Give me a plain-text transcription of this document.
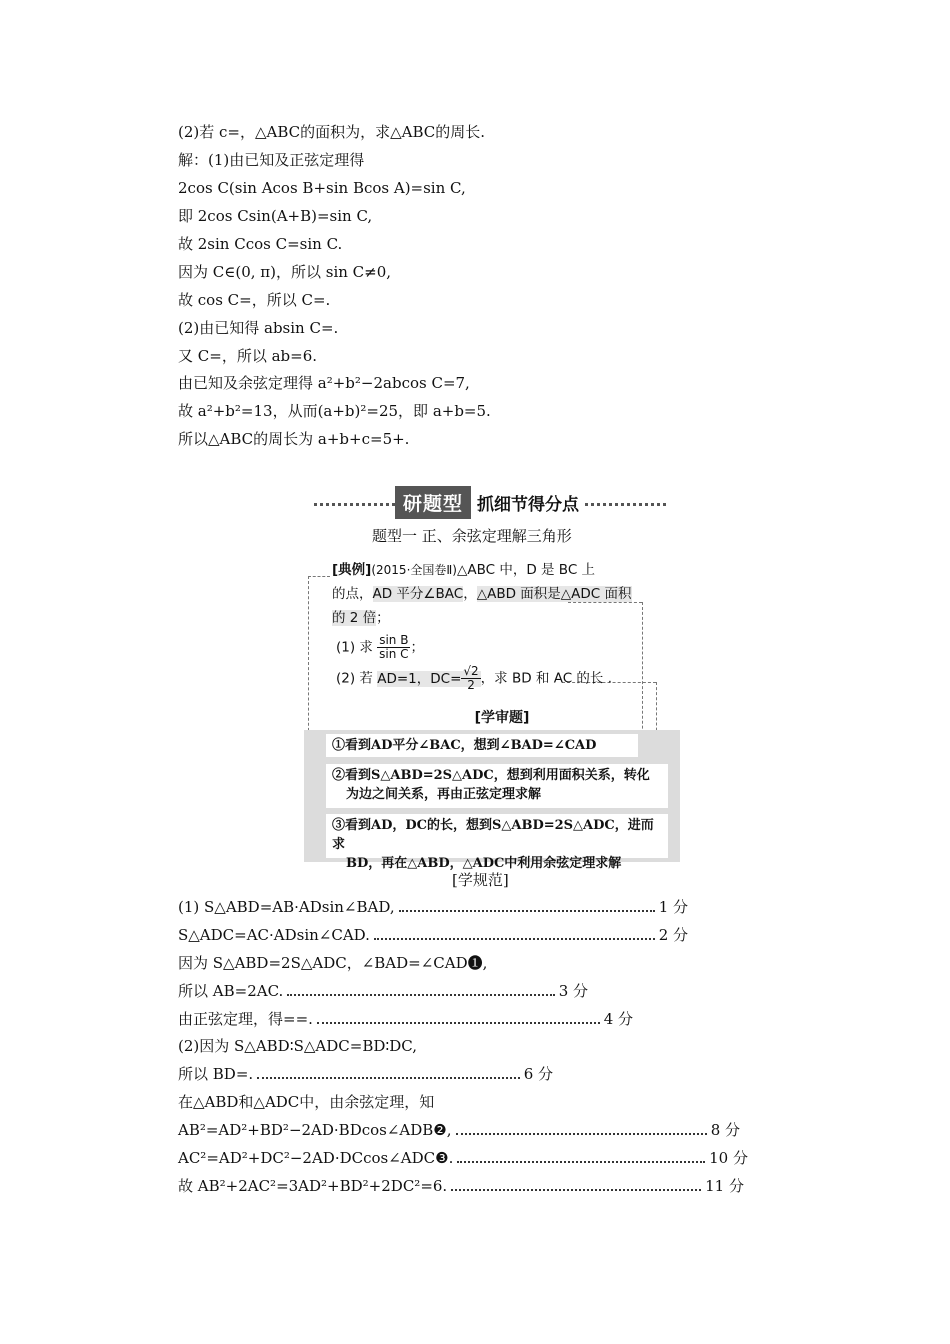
(2)若 c=，△ABC的面积为，求△ABC的周长.
解：(1)由已知及正弦定理得
2cos C(sin Acos B+sin Bcos A)=sin C,
即 2cos Csin(A+B)=sin C,
故 2sin Ccos C=sin C.
因为 C∈(0, π)，所以 sin C≠0,
故 cos C=，所以 C=.
(2)由已知得 absin C=.
又 C=，所以 ab=6.
由已知及余弦定理得 a²+b²−2abcos C=7,
故 a²+b²=13，从而(a+b)²=25，即 a+b=5.
所以△ABC的周长为 a+b+c=5+.
研题型 抓细节得分点
题型一 正、余弦定理解三角形
[典例](2015·全国卷Ⅱ)△ABC 中，D 是 BC 上
的点，AD 平分∠BAC，△ABD 面积是△ADC 面积
的 2 倍；
(1) 求 $\frac{\text{sin B}}{\text{sin C}}$ ；
(2) 若 AD=1，$DC= \frac{√2}{2}$ ，求 BD 和 AC 的长 .
[学审题]
①看到AD平分∠BAC，想到∠BAD=∠CAD
②看到S△ABD=2S△ADC，想到利用面积关系，转化
为边之间关系，再由正弦定理求解
③看到AD，DC的长，想到S△ABD=2S△ADC，进而求
BD，再在△ABD，△ADC中利用余弦定理求解
[学规范]
(1) S△ABD=AB·ADsin∠BAD,	1 分
S△ADC=AC·ADsin∠CAD.	2 分
因为 S△ABD=2S△ADC，∠BAD=∠CAD❶,
所以 AB=2AC.	3 分
由正弦定理，得==.	4 分
(2)因为 S△ABD∶S△ADC=BD∶DC,
所以 BD=.	6 分
在△ABD和△ADC中，由余弦定理，知
AB²=AD²+BD²−2AD·BDcos∠ADB❷,	8 分
AC²=AD²+DC²−2AD·DCcos∠ADC❸.	10 分
故 AB²+2AC²=3AD²+BD²+2DC²=6.	11 分
